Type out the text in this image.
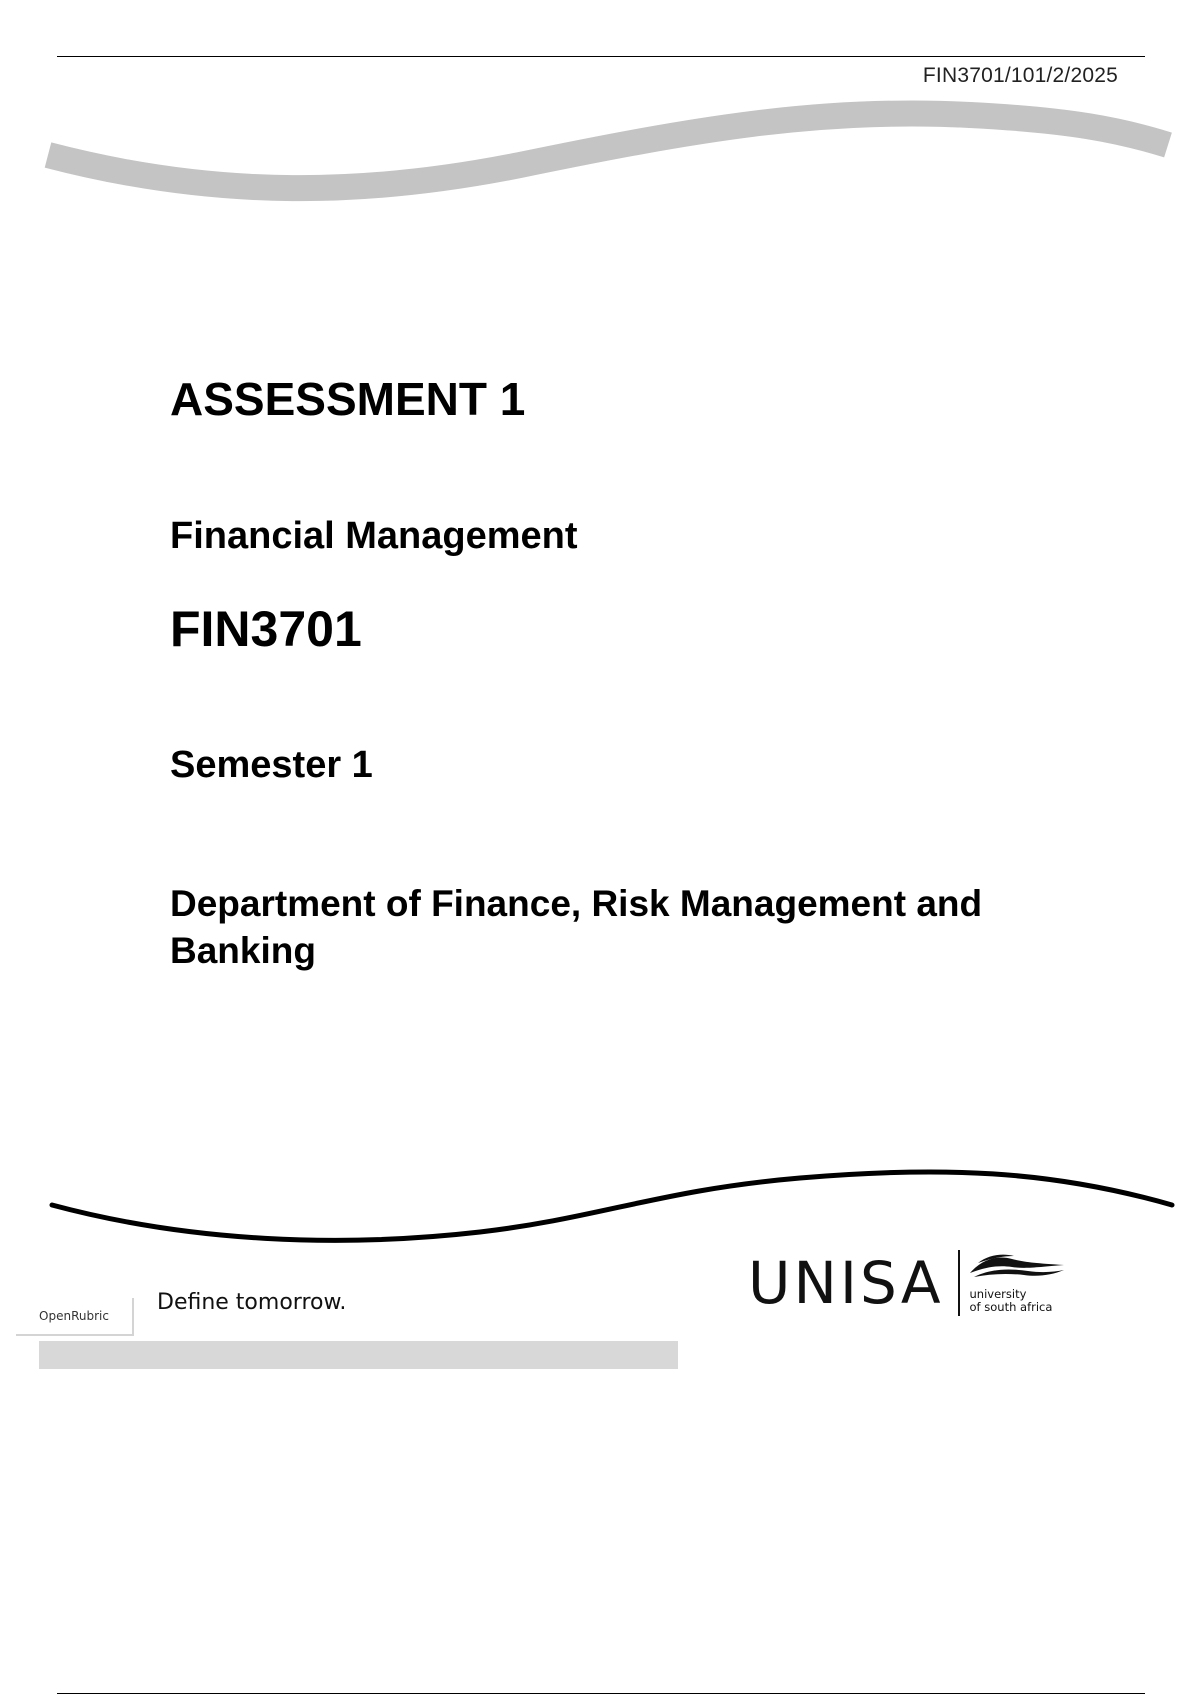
FIN3701/101/2/2025
ASSESSMENT 1
Financial Management
FIN3701
Semester 1
Department of Finance, Risk Management and Banking
OpenRubric
Define tomorrow.	UNISA university
of south africa
